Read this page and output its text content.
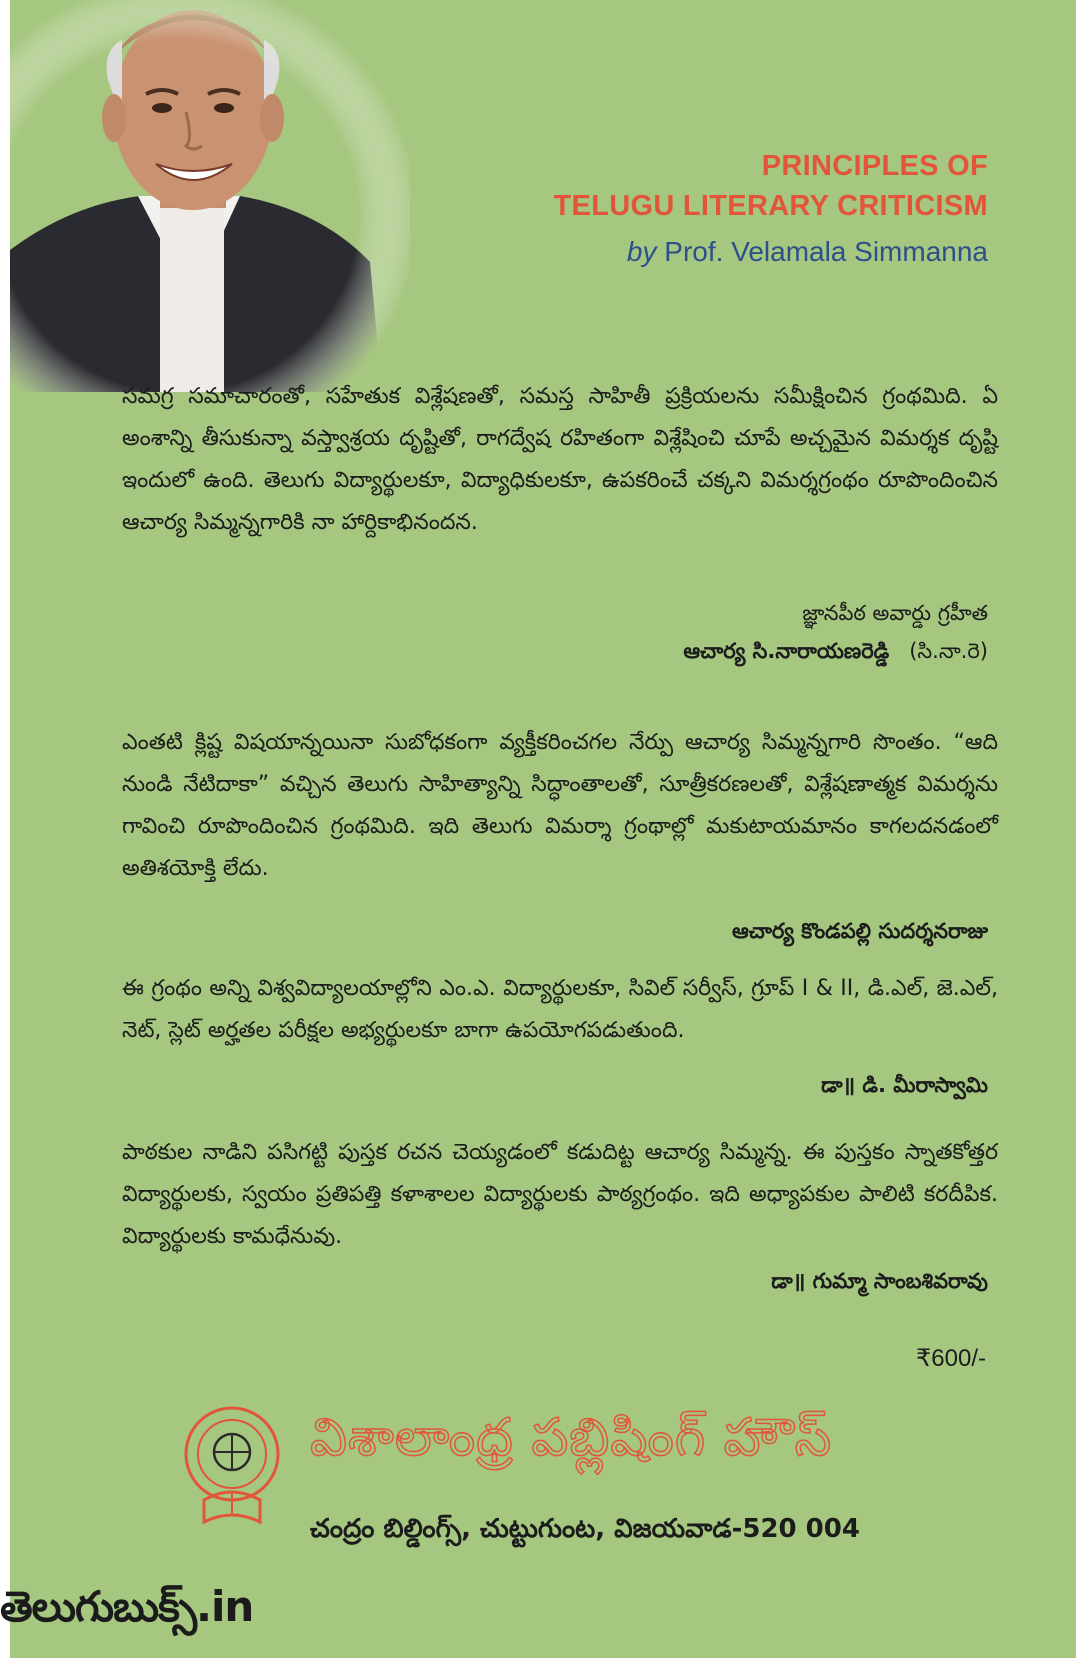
PRINCIPLES OF
TELUGU LITERARY CRITICISM
by Prof. Velamala Simmanna
సమగ్ర సమాచారంతో, సహేతుక విశ్లేషణతో, సమస్త సాహితీ ప్రక్రియలను సమీక్షించిన గ్రంథమిది. ఏ అంశాన్ని తీసుకున్నా వస్త్వాశ్రయ దృష్టితో, రాగద్వేష రహితంగా విశ్లేషించి చూపే అచ్చమైన విమర్శక దృష్టి ఇందులో ఉంది. తెలుగు విద్యార్థులకూ, విద్యాధికులకూ, ఉపకరించే చక్కని విమర్శగ్రంథం రూపొందించిన ఆచార్య సిమ్మన్నగారికి నా హార్దికాభినందన.
జ్ఞానపీఠ అవార్డు గ్రహీత
ఆచార్య సి.నారాయణరెడ్డి (సి.నా.రె)
ఎంతటి క్లిష్ట విషయాన్నయినా సుబోధకంగా వ్యక్తీకరించగల నేర్పు ఆచార్య సిమ్మన్నగారి సొంతం. “ఆది నుండి నేటిదాకా” వచ్చిన తెలుగు సాహిత్యాన్ని సిద్ధాంతాలతో, సూత్రీకరణలతో, విశ్లేషణాత్మక విమర్శను గావించి రూపొందించిన గ్రంథమిది. ఇది తెలుగు విమర్శా గ్రంథాల్లో మకుటాయమానం కాగలదనడంలో అతిశయోక్తి లేదు.
ఆచార్య కొండపల్లి సుదర్శనరాజు
ఈ గ్రంథం అన్ని విశ్వవిద్యాలయాల్లోని ఎం.ఎ. విద్యార్థులకూ, సివిల్ సర్వీస్, గ్రూప్ I & II, డి.ఎల్, జె.ఎల్, నెట్, స్లెట్ అర్హతల పరీక్షల అభ్యర్థులకూ బాగా ఉపయోగపడుతుంది.
డా॥ డి. మీరాస్వామి
పాఠకుల నాడిని పసిగట్టి పుస్తక రచన చెయ్యడంలో కడుదిట్ట ఆచార్య సిమ్మన్న. ఈ పుస్తకం స్నాతకోత్తర విద్యార్థులకు, స్వయం ప్రతిపత్తి కళాశాలల విద్యార్థులకు పాఠ్యగ్రంథం. ఇది అధ్యాపకుల పాలిటి కరదీపిక. విద్యార్థులకు కామధేనువు.
డా॥ గుమ్మా సాంబశివరావు
₹600/-
విశాలాంధ్ర పబ్లిషింగ్ హౌస్
చంద్రం బిల్డింగ్స్, చుట్టుగుంట, విజయవాడ-520 004
తెలుగుబుక్స్.in
